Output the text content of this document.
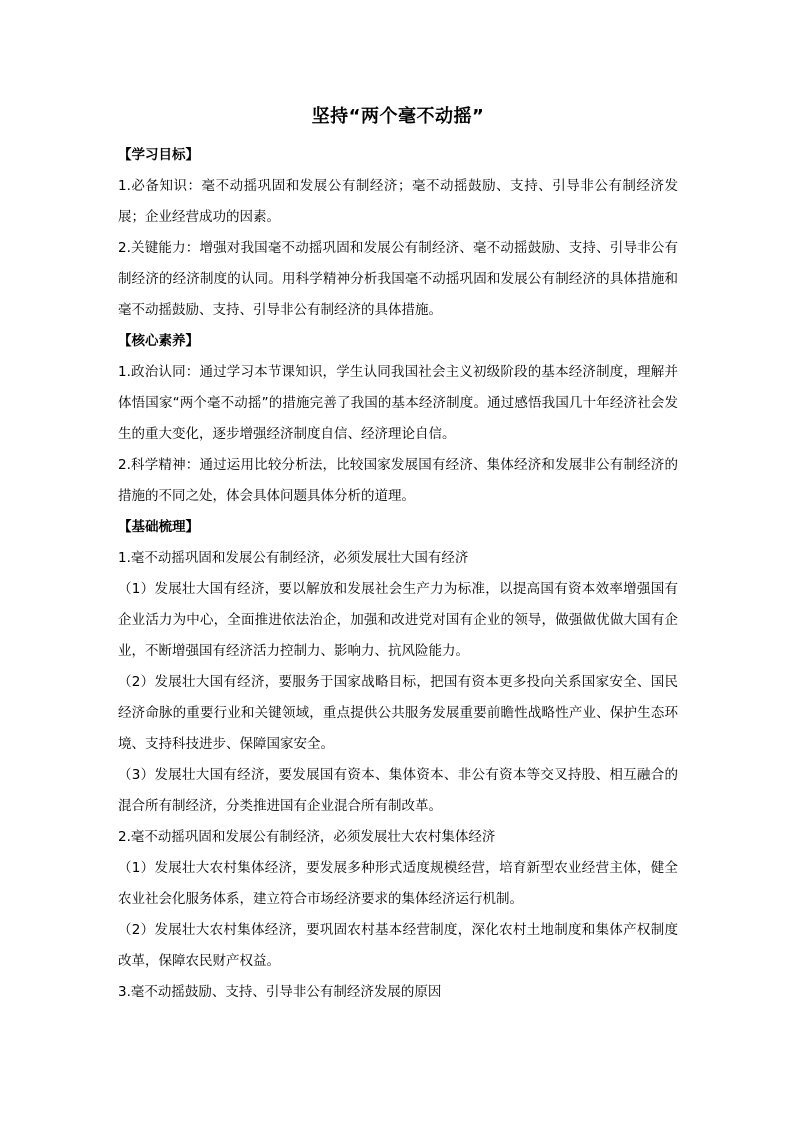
坚持“两个毫不动摇”

【学习目标】

1.必备知识：毫不动摇巩固和发展公有制经济；毫不动摇鼓励、支持、引导非公有制经济发展；企业经营成功的因素。

2.关键能力：增强对我国毫不动摇巩固和发展公有制经济、毫不动摇鼓励、支持、引导非公有制经济的经济制度的认同。用科学精神分析我国毫不动摇巩固和发展公有制经济的具体措施和毫不动摇鼓励、支持、引导非公有制经济的具体措施。

【核心素养】

1.政治认同：通过学习本节课知识，学生认同我国社会主义初级阶段的基本经济制度，理解并体悟国家“两个毫不动摇”的措施完善了我国的基本经济制度。通过感悟我国几十年经济社会发生的重大变化，逐步增强经济制度自信、经济理论自信。

2.科学精神：通过运用比较分析法，比较国家发展国有经济、集体经济和发展非公有制经济的措施的不同之处，体会具体问题具体分析的道理。

【基础梳理】

1.毫不动摇巩固和发展公有制经济，必须发展壮大国有经济

（1）发展壮大国有经济，要以解放和发展社会生产力为标准，以提高国有资本效率增强国有企业活力为中心，全面推进依法治企，加强和改进党对国有企业的领导，做强做优做大国有企业，不断增强国有经济活力控制力、影响力、抗风险能力。

（2）发展壮大国有经济，要服务于国家战略目标，把国有资本更多投向关系国家安全、国民经济命脉的重要行业和关键领域，重点提供公共服务发展重要前瞻性战略性产业、保护生态环境、支持科技进步、保障国家安全。

（3）发展壮大国有经济，要发展国有资本、集体资本、非公有资本等交叉持股、相互融合的混合所有制经济，分类推进国有企业混合所有制改革。

2.毫不动摇巩固和发展公有制经济，必须发展壮大农村集体经济

（1）发展壮大农村集体经济，要发展多种形式适度规模经营，培育新型农业经营主体，健全农业社会化服务体系，建立符合市场经济要求的集体经济运行机制。

（2）发展壮大农村集体经济，要巩固农村基本经营制度，深化农村土地制度和集体产权制度改革，保障农民财产权益。

3.毫不动摇鼓励、支持、引导非公有制经济发展的原因
